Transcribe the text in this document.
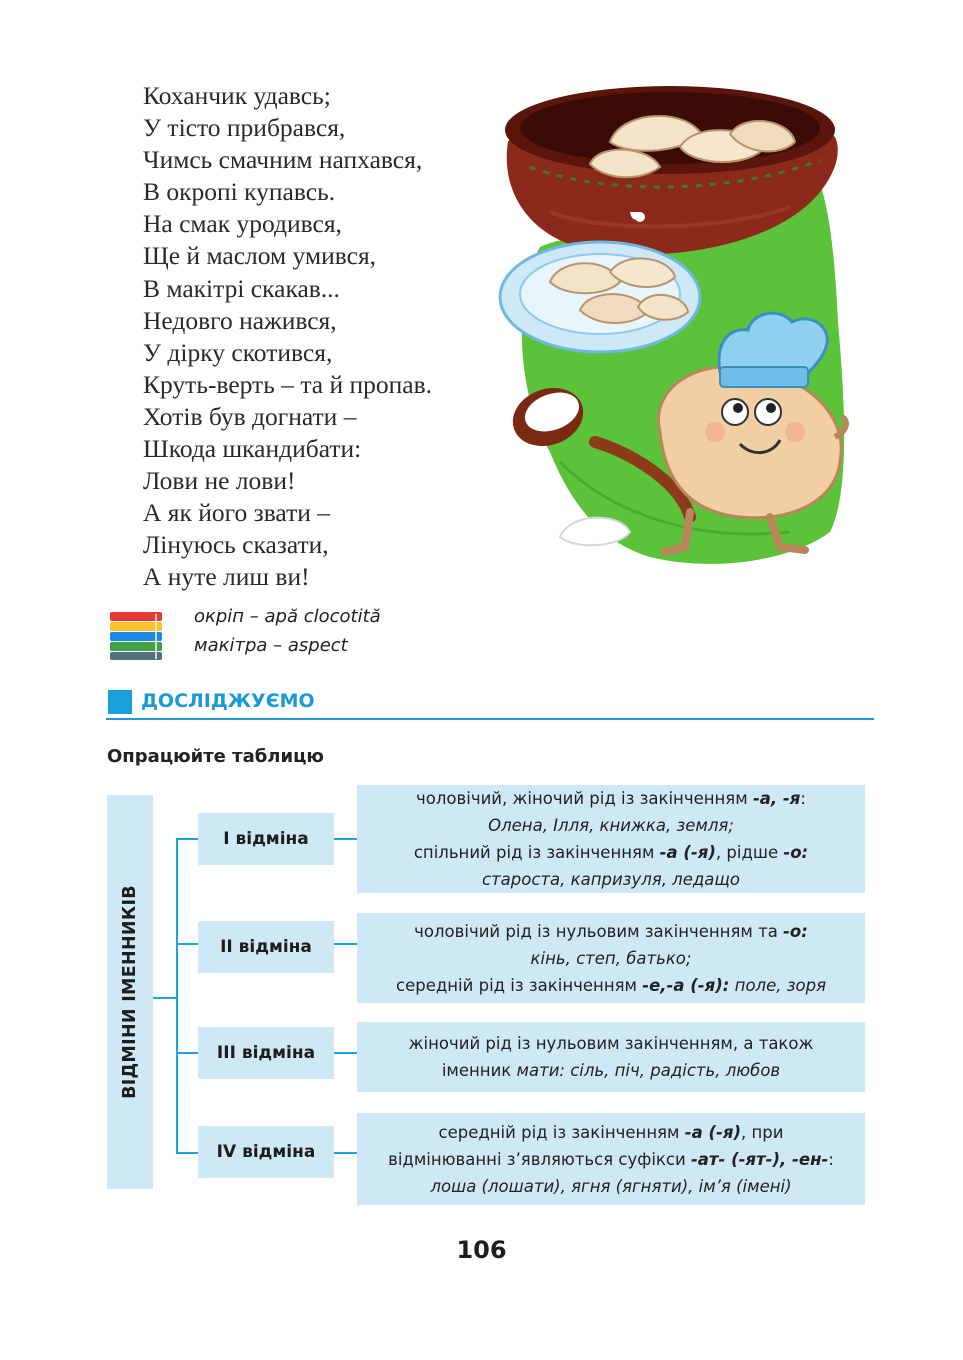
Коханчик удавсь;
У тісто прибрався,
Чимсь смачним напхався,
В окропі купавсь.
На смак уродився,
Ще й маслом умився,
В макітрі скакав...
Недовго нажився,
У дірку скотився,
Круть-верть – та й пропав.
Хотів був догнати –
Шкода шкандибати:
Лови не лови!
А як його звати –
Лінуюсь сказати,
А нуте лиш ви!
окріп – apă clocotită
макітра – aspect
ДОСЛІДЖУЄМО
Опрацюйте таблицю
ВІДМІНИ ІМЕННИКІВ
I відміна
II відміна
III відміна
IV відміна
чоловічий, жіночий рід із закінченням -а, -я:
Олена, Ілля, книжка, земля;
спільний рід із закінченням -а (-я), рідше -о:
староста, капризуля, ледащо
чоловічий рід із нульовим закінченням та -о:
кінь, степ, батько;
середній рід із закінченням -е,-а (-я): поле, зоря
жіночий рід із нульовим закінченням, а також
іменник мати: сіль, піч, радість, любов
середній рід із закінченням -а (-я), при
відмінюванні з’являються суфікси -ат- (-ят-), -ен-:
лоша (лошати), ягня (ягняти), ім’я (імені)
106
